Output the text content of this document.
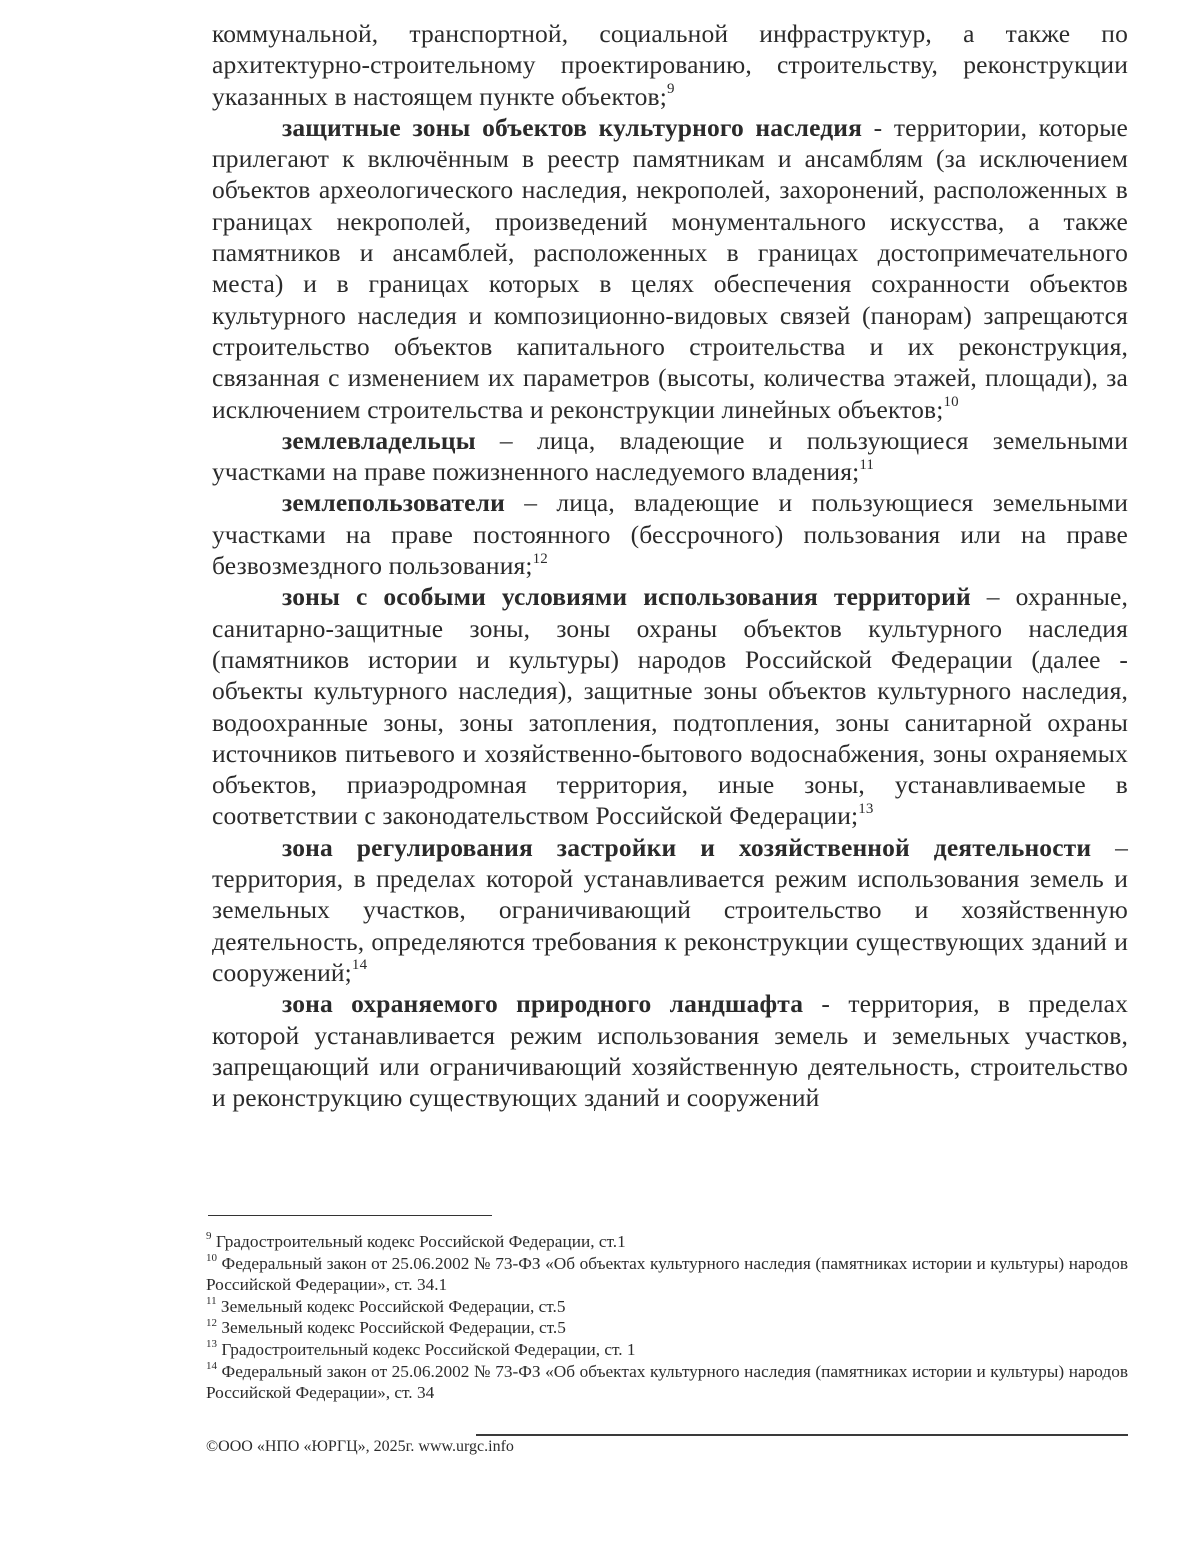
коммунальной, транспортной, социальной инфраструктур, а также по архитектурно-строительному проектированию, строительству, реконструкции указанных в настоящем пункте объектов;$^9$

защитные зоны объектов культурного наследия - территории, которые прилегают к включённым в реестр памятникам и ансамблям (за исключением объектов археологического наследия, некрополей, захоронений, расположенных в границах некрополей, произведений монументального искусства, а также памятников и ансамблей, расположенных в границах достопримечательного места) и в границах которых в целях обеспечения сохранности объектов культурного наследия и композиционно-видовых связей (панорам) запрещаются строительство объектов капитального строительства и их реконструкция, связанная с изменением их параметров (высоты, количества этажей, площади), за исключением строительства и реконструкции линейных объектов;$^{10}$

землевладельцы – лица, владеющие и пользующиеся земельными участками на праве пожизненного наследуемого владения;$^{11}$

землепользователи – лица, владеющие и пользующиеся земельными участками на праве постоянного (бессрочного) пользования или на праве безвозмездного пользования;$^{12}$

зоны с особыми условиями использования территорий – охранные, санитарно-защитные зоны, зоны охраны объектов культурного наследия (памятников истории и культуры) народов Российской Федерации (далее - объекты культурного наследия), защитные зоны объектов культурного наследия, водоохранные зоны, зоны затопления, подтопления, зоны санитарной охраны источников питьевого и хозяйственно-бытового водоснабжения, зоны охраняемых объектов, приаэродромная территория, иные зоны, устанавливаемые в соответствии с законодательством Российской Федерации;$^{13}$

зона регулирования застройки и хозяйственной деятельности – территория, в пределах которой устанавливается режим использования земель и земельных участков, ограничивающий строительство и хозяйственную деятельность, определяются требования к реконструкции существующих зданий и сооружений;$^{14}$

зона охраняемого природного ландшафта - территория, в пределах которой устанавливается режим использования земель и земельных участков, запрещающий или ограничивающий хозяйственную деятельность, строительство и реконструкцию существующих зданий и сооружений

$^9$ Градостроительный кодекс Российской Федерации, ст.1

$^{10}$ Федеральный закон от 25.06.2002 № 73-ФЗ «Об объектах культурного наследия (памятниках истории и культуры) народов Российской Федерации», ст. 34.1

$^{11}$ Земельный кодекс Российской Федерации, ст.5

$^{12}$ Земельный кодекс Российской Федерации, ст.5

$^{13}$ Градостроительный кодекс Российской Федерации, ст. 1

$^{14}$ Федеральный закон от 25.06.2002 № 73-ФЗ «Об объектах культурного наследия (памятниках истории и культуры) народов Российской Федерации», ст. 34

©ООО «НПО «ЮРГЦ», 2025г. www.urgc.info
